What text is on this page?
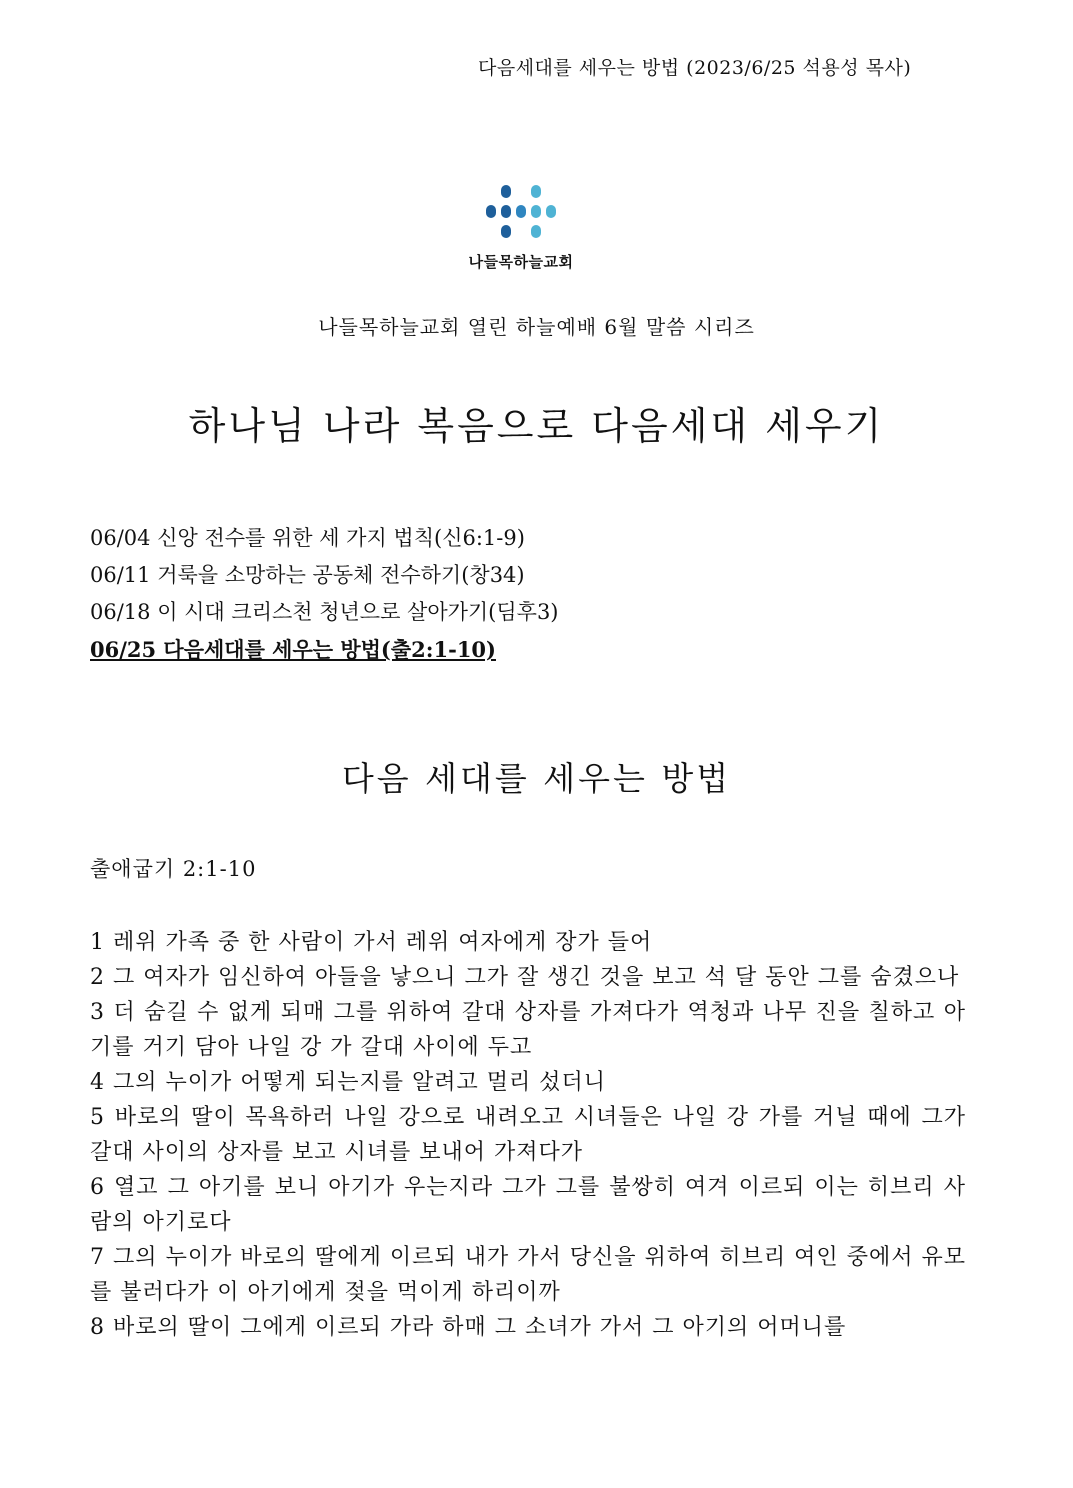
다음세대를 세우는 방법 (2023/6/25 석용성 목사)
나들목하늘교회
나들목하늘교회 열린 하늘예배 6월 말씀 시리즈
하나님 나라 복음으로 다음세대 세우기
06/04 신앙 전수를 위한 세 가지 법칙(신6:1-9)
06/11 거룩을 소망하는 공동체 전수하기(창34)
06/18 이 시대 크리스천 청년으로 살아가기(딤후3)
06/25 다음세대를 세우는 방법(출2:1-10)
다음 세대를 세우는 방법
출애굽기 2:1-10

1 레위 가족 중 한 사람이 가서 레위 여자에게 장가 들어

2 그 여자가 임신하여 아들을 낳으니 그가 잘 생긴 것을 보고 석 달 동안 그를 숨겼으나

3 더 숨길 수 없게 되매 그를 위하여 갈대 상자를 가져다가 역청과 나무 진을 칠하고 아기를 거기 담아 나일 강 가 갈대 사이에 두고

4 그의 누이가 어떻게 되는지를 알려고 멀리 섰더니

5 바로의 딸이 목욕하러 나일 강으로 내려오고 시녀들은 나일 강 가를 거닐 때에 그가 갈대 사이의 상자를 보고 시녀를 보내어 가져다가

6 열고 그 아기를 보니 아기가 우는지라 그가 그를 불쌍히 여겨 이르되 이는 히브리 사람의 아기로다

7 그의 누이가 바로의 딸에게 이르되 내가 가서 당신을 위하여 히브리 여인 중에서 유모를 불러다가 이 아기에게 젖을 먹이게 하리이까

8 바로의 딸이 그에게 이르되 가라 하매 그 소녀가 가서 그 아기의 어머니를
